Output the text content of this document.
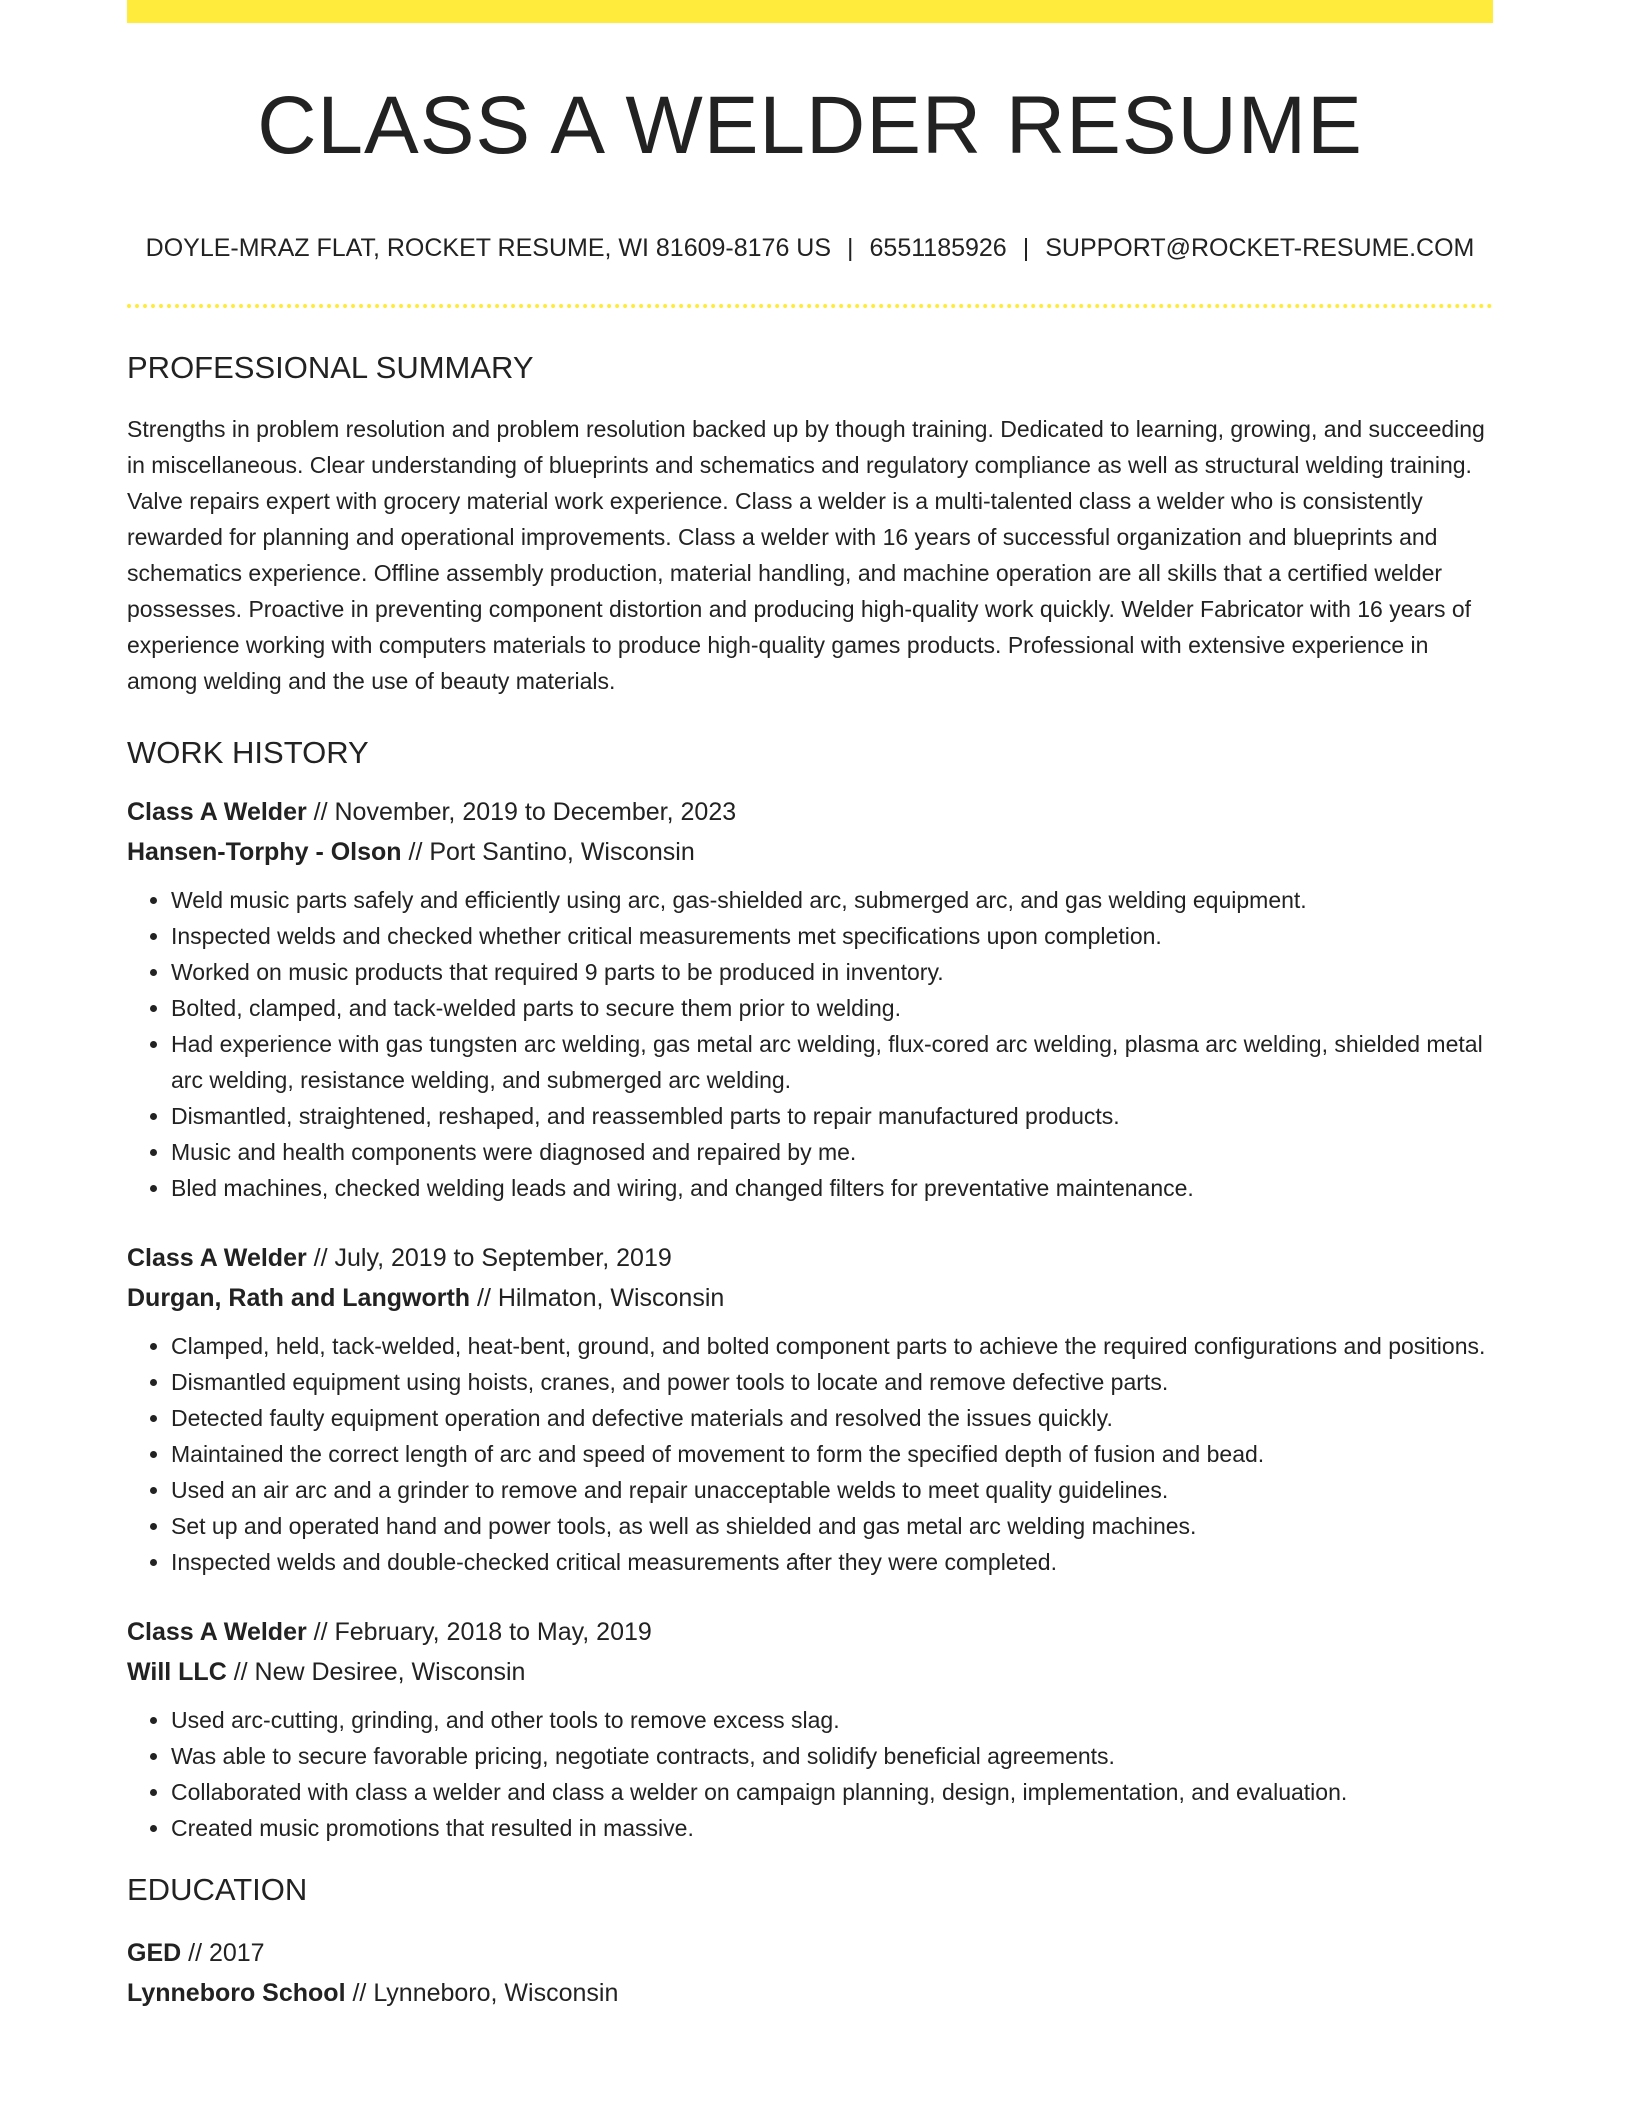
CLASS A WELDER RESUME
DOYLE-MRAZ FLAT, ROCKET RESUME, WI 81609-8176 US | 6551185926 | SUPPORT@ROCKET-RESUME.COM
PROFESSIONAL SUMMARY

Strengths in problem resolution and problem resolution backed up by though training. Dedicated to learning, growing, and succeeding in miscellaneous. Clear understanding of blueprints and schematics and regulatory compliance as well as structural welding training. Valve repairs expert with grocery material work experience. Class a welder is a multi-talented class a welder who is consistently rewarded for planning and operational improvements. Class a welder with 16 years of successful organization and blueprints and schematics experience. Offline assembly production, material handling, and machine operation are all skills that a certified welder possesses. Proactive in preventing component distortion and producing high-quality work quickly. Welder Fabricator with 16 years of experience working with computers materials to produce high-quality games products. Professional with extensive experience in among welding and the use of beauty materials.

WORK HISTORY
Class A Welder // November, 2019 to December, 2023
Hansen-Torphy - Olson // Port Santino, Wisconsin
• Weld music parts safely and efficiently using arc, gas-shielded arc, submerged arc, and gas welding equipment.
• Inspected welds and checked whether critical measurements met specifications upon completion.
• Worked on music products that required 9 parts to be produced in inventory.
• Bolted, clamped, and tack-welded parts to secure them prior to welding.
• Had experience with gas tungsten arc welding, gas metal arc welding, flux-cored arc welding, plasma arc welding, shielded metal arc welding, resistance welding, and submerged arc welding.
• Dismantled, straightened, reshaped, and reassembled parts to repair manufactured products.
• Music and health components were diagnosed and repaired by me.
• Bled machines, checked welding leads and wiring, and changed filters for preventative maintenance.
Class A Welder // July, 2019 to September, 2019
Durgan, Rath and Langworth // Hilmaton, Wisconsin
• Clamped, held, tack-welded, heat-bent, ground, and bolted component parts to achieve the required configurations and positions.
• Dismantled equipment using hoists, cranes, and power tools to locate and remove defective parts.
• Detected faulty equipment operation and defective materials and resolved the issues quickly.
• Maintained the correct length of arc and speed of movement to form the specified depth of fusion and bead.
• Used an air arc and a grinder to remove and repair unacceptable welds to meet quality guidelines.
• Set up and operated hand and power tools, as well as shielded and gas metal arc welding machines.
• Inspected welds and double-checked critical measurements after they were completed.
Class A Welder // February, 2018 to May, 2019
Will LLC // New Desiree, Wisconsin
• Used arc-cutting, grinding, and other tools to remove excess slag.
• Was able to secure favorable pricing, negotiate contracts, and solidify beneficial agreements.
• Collaborated with class a welder and class a welder on campaign planning, design, implementation, and evaluation.
• Created music promotions that resulted in massive.
EDUCATION
GED // 2017
Lynneboro School // Lynneboro, Wisconsin
